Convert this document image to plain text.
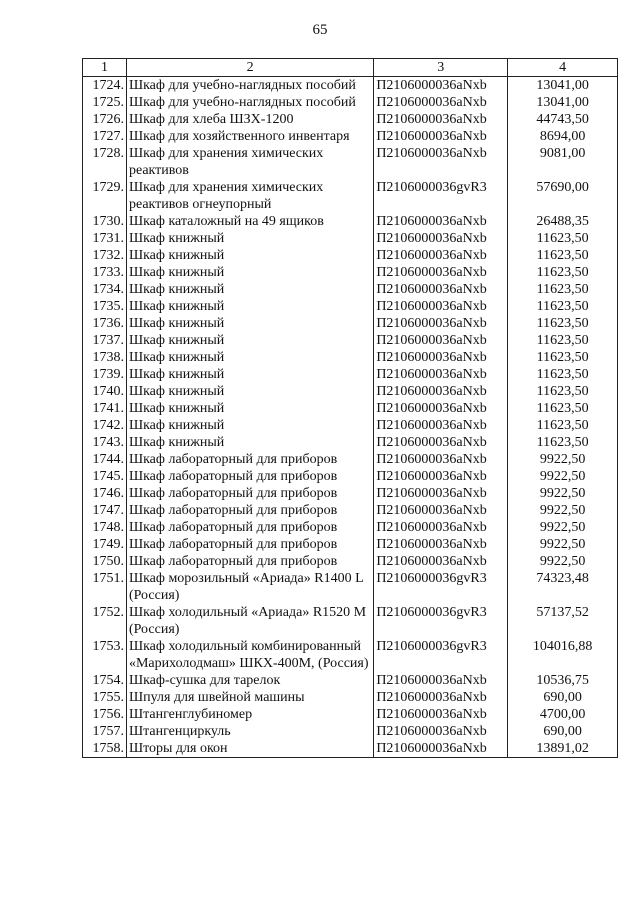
65
1	2	3	4
1724.	Шкаф для учебно-наглядных пособий	П2106000036aNxb	13041,00
1725.	Шкаф для учебно-наглядных пособий	П2106000036aNxb	13041,00
1726.	Шкаф для хлеба ШЗХ-1200	П2106000036aNxb	44743,50
1727.	Шкаф для хозяйственного инвентаря	П2106000036aNxb	8694,00
1728.	Шкаф для хранения химических реактивов	П2106000036aNxb	9081,00
1729.	Шкаф для хранения химических реактивов огнеупорный	П2106000036gvR3	57690,00
1730.	Шкаф каталожный на 49 ящиков	П2106000036aNxb	26488,35
1731.	Шкаф книжный	П2106000036aNxb	11623,50
1732.	Шкаф книжный	П2106000036aNxb	11623,50
1733.	Шкаф книжный	П2106000036aNxb	11623,50
1734.	Шкаф книжный	П2106000036aNxb	11623,50
1735.	Шкаф книжный	П2106000036aNxb	11623,50
1736.	Шкаф книжный	П2106000036aNxb	11623,50
1737.	Шкаф книжный	П2106000036aNxb	11623,50
1738.	Шкаф книжный	П2106000036aNxb	11623,50
1739.	Шкаф книжный	П2106000036aNxb	11623,50
1740.	Шкаф книжный	П2106000036aNxb	11623,50
1741.	Шкаф книжный	П2106000036aNxb	11623,50
1742.	Шкаф книжный	П2106000036aNxb	11623,50
1743.	Шкаф книжный	П2106000036aNxb	11623,50
1744.	Шкаф лабораторный для приборов	П2106000036aNxb	9922,50
1745.	Шкаф лабораторный для приборов	П2106000036aNxb	9922,50
1746.	Шкаф лабораторный для приборов	П2106000036aNxb	9922,50
1747.	Шкаф лабораторный для приборов	П2106000036aNxb	9922,50
1748.	Шкаф лабораторный для приборов	П2106000036aNxb	9922,50
1749.	Шкаф лабораторный для приборов	П2106000036aNxb	9922,50
1750.	Шкаф лабораторный для приборов	П2106000036aNxb	9922,50
1751.	Шкаф морозильный «Ариада» R1400 L (Россия)	П2106000036gvR3	74323,48
1752.	Шкаф холодильный «Ариада» R1520 M (Россия)	П2106000036gvR3	57137,52
1753.	Шкаф холодильный комбинированный «Марихолодмаш» ШКХ-400М, (Россия)	П2106000036gvR3	104016,88
1754.	Шкаф-сушка для тарелок	П2106000036aNxb	10536,75
1755.	Шпуля для швейной машины	П2106000036aNxb	690,00
1756.	Штангенглубиномер	П2106000036aNxb	4700,00
1757.	Штангенциркуль	П2106000036aNxb	690,00
1758.	Шторы для окон	П2106000036aNxb	13891,02
